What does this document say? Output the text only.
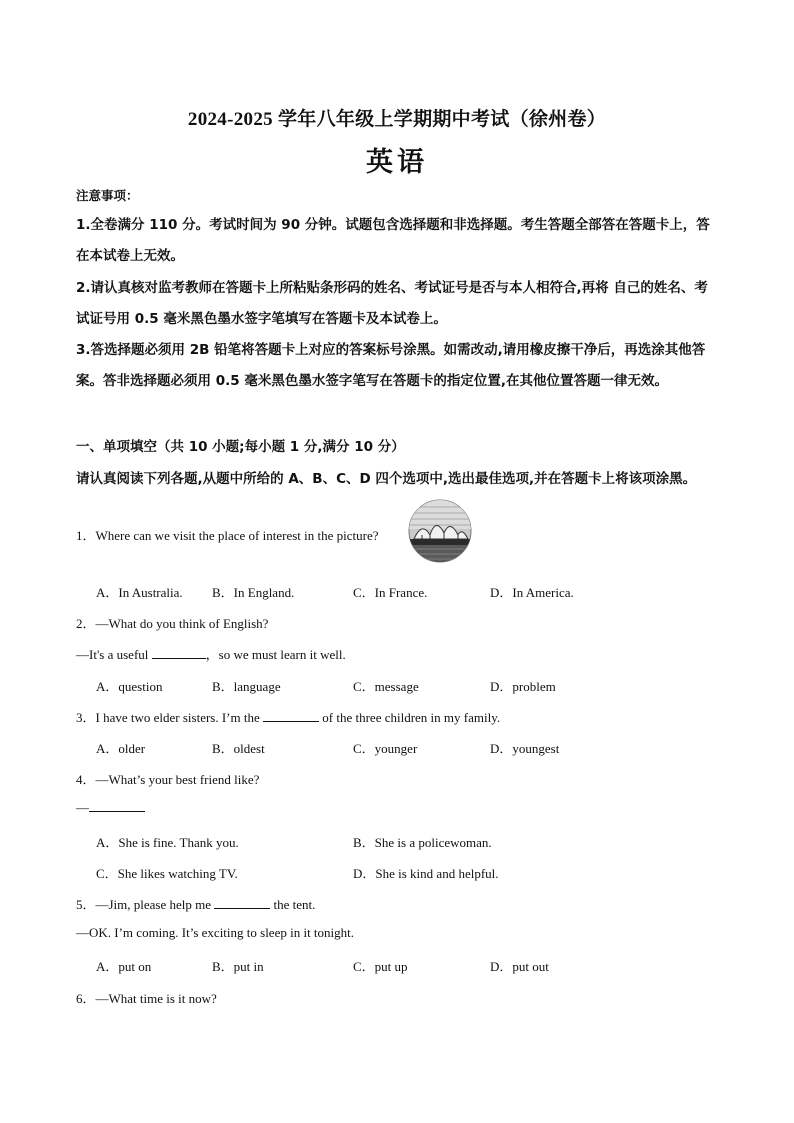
2024-2025 学年八年级上学期期中考试（徐州卷）
英语
注意事项：
1.全卷满分 110 分。考试时间为 90 分钟。试题包含选择题和非选择题。考生答题全部答在答题卡上，答在本试卷上无效。
2.请认真核对监考教师在答题卡上所粘贴条形码的姓名、考试证号是否与本人相符合,再将 自己的姓名、考试证号用 0.5 毫米黑色墨水签字笔填写在答题卡及本试卷上。
3.答选择题必须用 2B 铅笔将答题卡上对应的答案标号涂黑。如需改动,请用橡皮擦干净后，再选涂其他答案。答非选择题必须用 0.5 毫米黑色墨水签字笔写在答题卡的指定位置,在其他位置答题一律无效。
一、单项填空（共 10 小题;每小题 1 分,满分 10 分）
请认真阅读下列各题,从题中所给的 A、B、C、D 四个选项中,选出最佳选项,并在答题卡上将该项涂黑。
1．Where can we visit the place of interest in the picture?
A．In Australia. B．In England.	C．In France.	D．In America.
2．—What do you think of English?
—It's a useful	，so we must learn it well.
A．question	B．language	C．message	D．problem
3．I have two elder sisters. I’m the	of the three children in my family.
A．older	B．oldest	C．younger	D．youngest
4．—What’s your best friend like?
—
A．She is fine. Thank you.	B．She is a policewoman.
C．She likes watching TV.	D．She is kind and helpful.
5．—Jim, please help me	the tent.
—OK. I’m coming. It’s exciting to sleep in it tonight.
A．put on	B．put in	C．put up	D．put out
6．—What time is it now?
